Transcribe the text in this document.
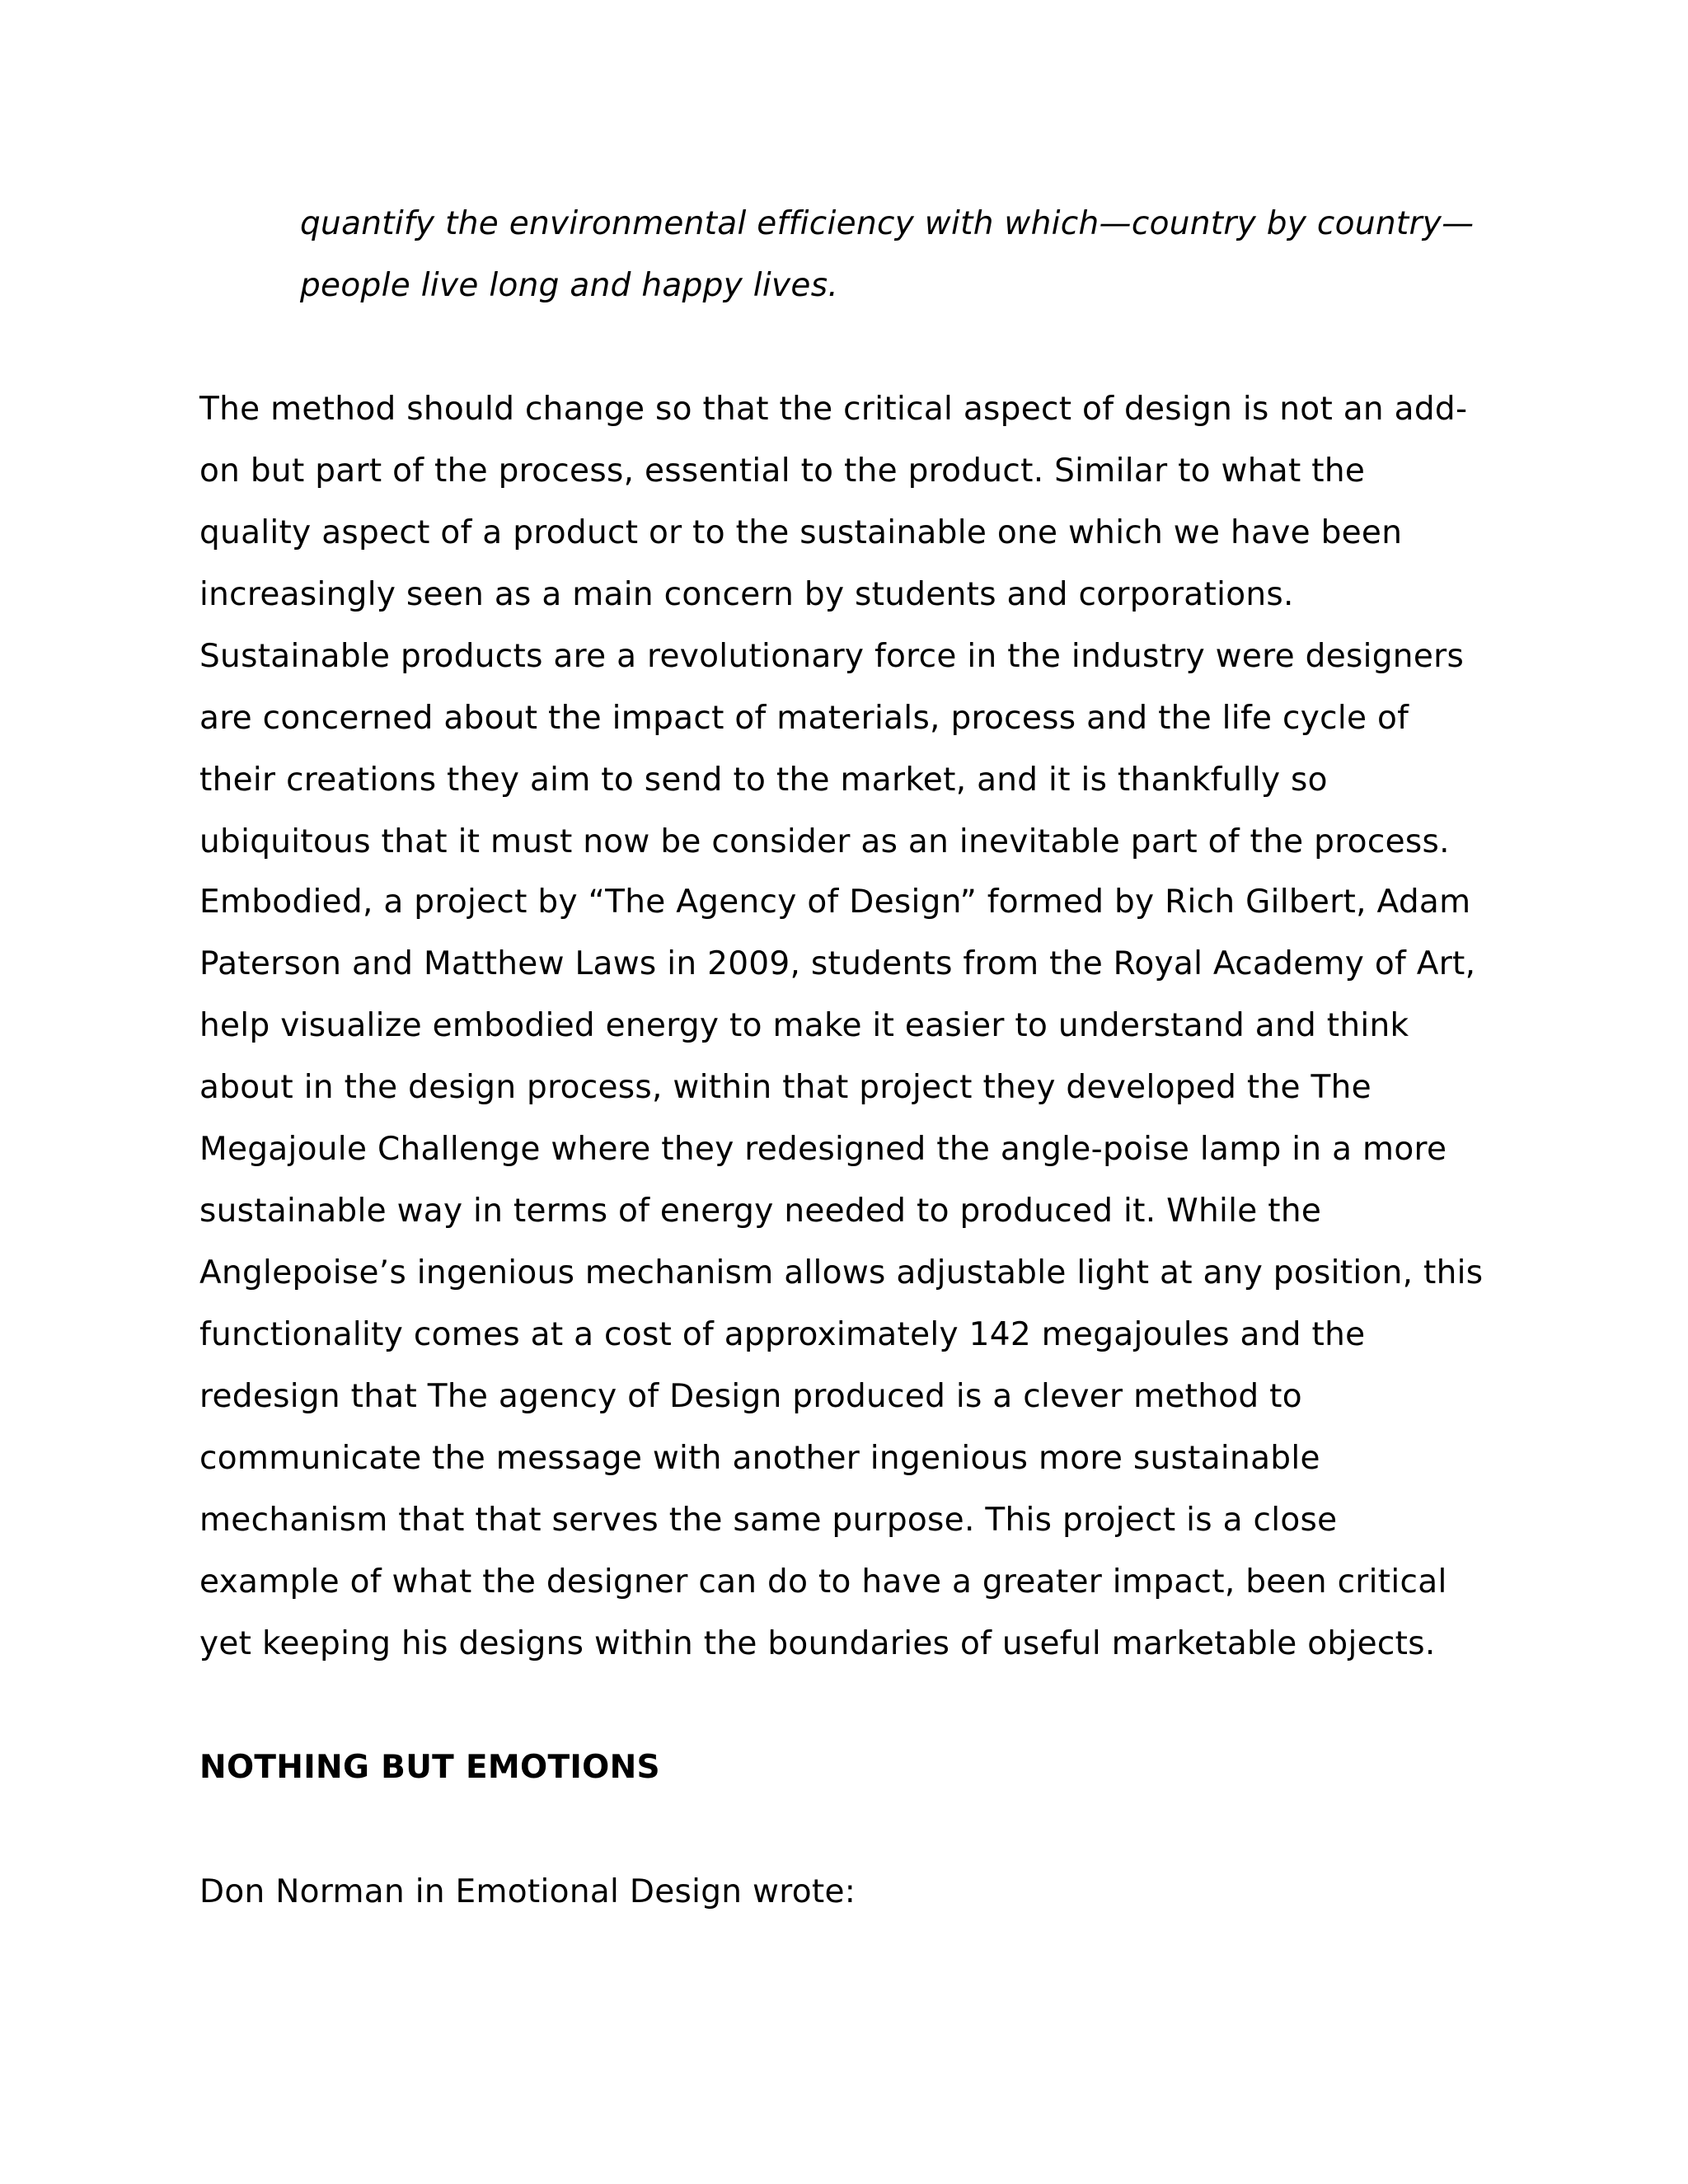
quantify the environmental efficiency with which—country by country—people live long and happy lives.

The method should change so that the critical aspect of design is not an add-on but part of the process, essential to the product. Similar to what the quality aspect of a product or to the sustainable one which we have been increasingly seen as a main concern by students and corporations. Sustainable products are a revolutionary force in the industry were designers are concerned about the impact of materials, process and the life cycle of their creations they aim to send to the market, and it is thankfully so ubiquitous that it must now be consider as an inevitable part of the process.

Embodied, a project by “The Agency of Design” formed by Rich Gilbert, Adam Paterson and Matthew Laws in 2009, students from the Royal Academy of Art, help visualize embodied energy to make it easier to understand and think about in the design process, within that project they developed the The Megajoule Challenge where they redesigned the angle-poise lamp in a more sustainable way in terms of energy needed to produced it. While the Anglepoise’s ingenious mechanism allows adjustable light at any position, this functionality comes at a cost of approximately 142 megajoules and the redesign that The agency of Design produced is a clever method to communicate the message with another ingenious more sustainable mechanism that that serves the same purpose. This project is a close example of what the designer can do to have a greater impact, been critical yet keeping his designs within the boundaries of useful marketable objects.

NOTHING BUT EMOTIONS

Don Norman in Emotional Design wrote:
